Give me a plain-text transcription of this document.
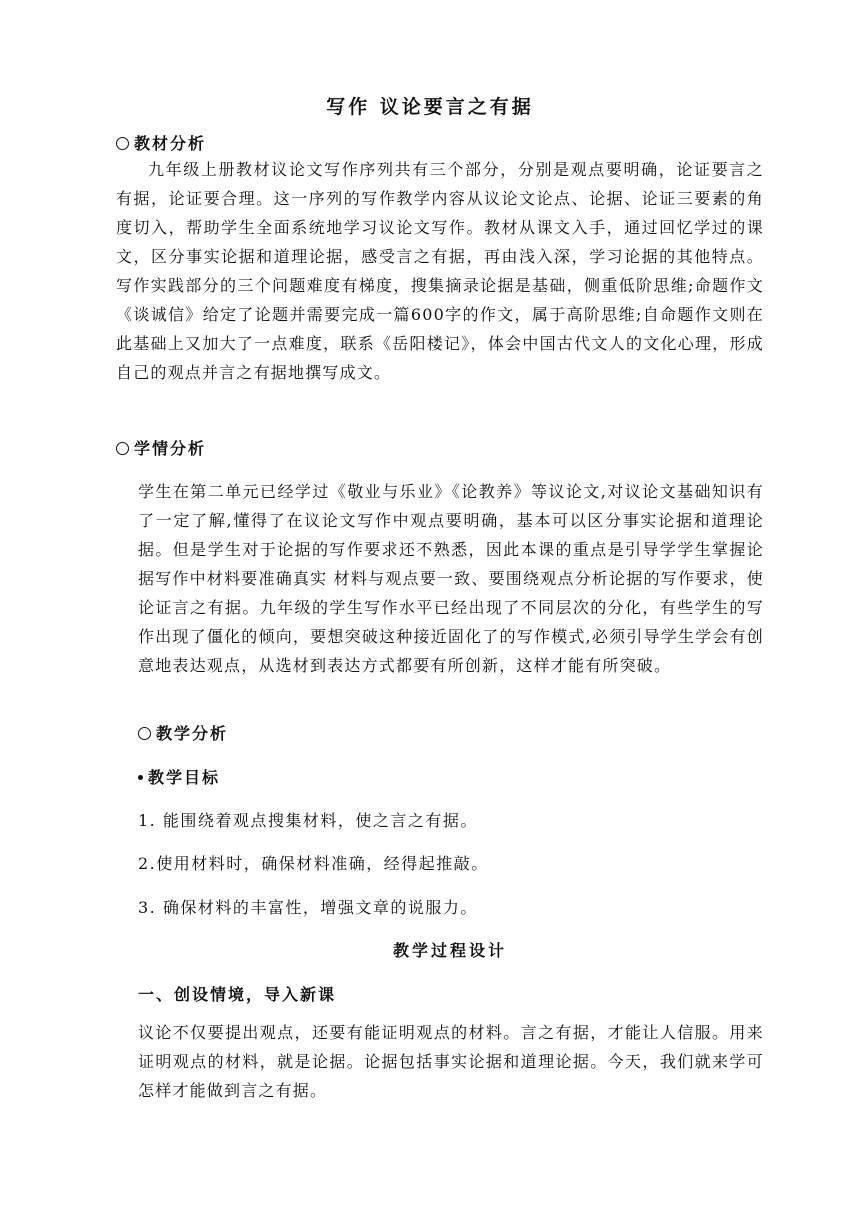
写作 议论要言之有据
教材分析

九年级上册教材议论文写作序列共有三个部分，分别是观点要明确，论证要言之有据，论证要合理。这一序列的写作教学内容从议论文论点、论据、论证三要素的角度切入，帮助学生全面系统地学习议论文写作。教材从课文入手，通过回忆学过的课文，区分事实论据和道理论据，感受言之有据，再由浅入深，学习论据的其他特点。写作实践部分的三个问题难度有梯度，搜集摘录论据是基础，侧重低阶思维;命题作文《谈诚信》给定了论题并需要完成一篇600字的作文，属于高阶思维;自命题作文则在此基础上又加大了一点难度，联系《岳阳楼记》，体会中国古代文人的文化心理，形成自己的观点并言之有据地撰写成文。

学情分析

学生在第二单元已经学过《敬业与乐业》《论教养》等议论文,对议论文基础知识有了一定了解,懂得了在议论文写作中观点要明确，基本可以区分事实论据和道理论据。但是学生对于论据的写作要求还不熟悉，因此本课的重点是引导学学生掌握论据写作中材料要准确真实 材料与观点要一致、要围绕观点分析论据的写作要求，使论证言之有据。九年级的学生写作水平已经出现了不同层次的分化，有些学生的写作出现了僵化的倾向，要想突破这种接近固化了的写作模式,必须引导学生学会有创意地表达观点，从选材到表达方式都要有所创新，这样才能有所突破。

教学分析
教学目标
1. 能围绕着观点搜集材料，使之言之有据。
2.使用材料时，确保材料准确，经得起推敲。
3. 确保材料的丰富性，增强文章的说服力。
教学过程设计
一、创设情境，导入新课

议论不仅要提出观点，还要有能证明观点的材料。言之有据，才能让人信服。用来证明观点的材料，就是论据。论据包括事实论据和道理论据。今天，我们就来学可怎样才能做到言之有据。
